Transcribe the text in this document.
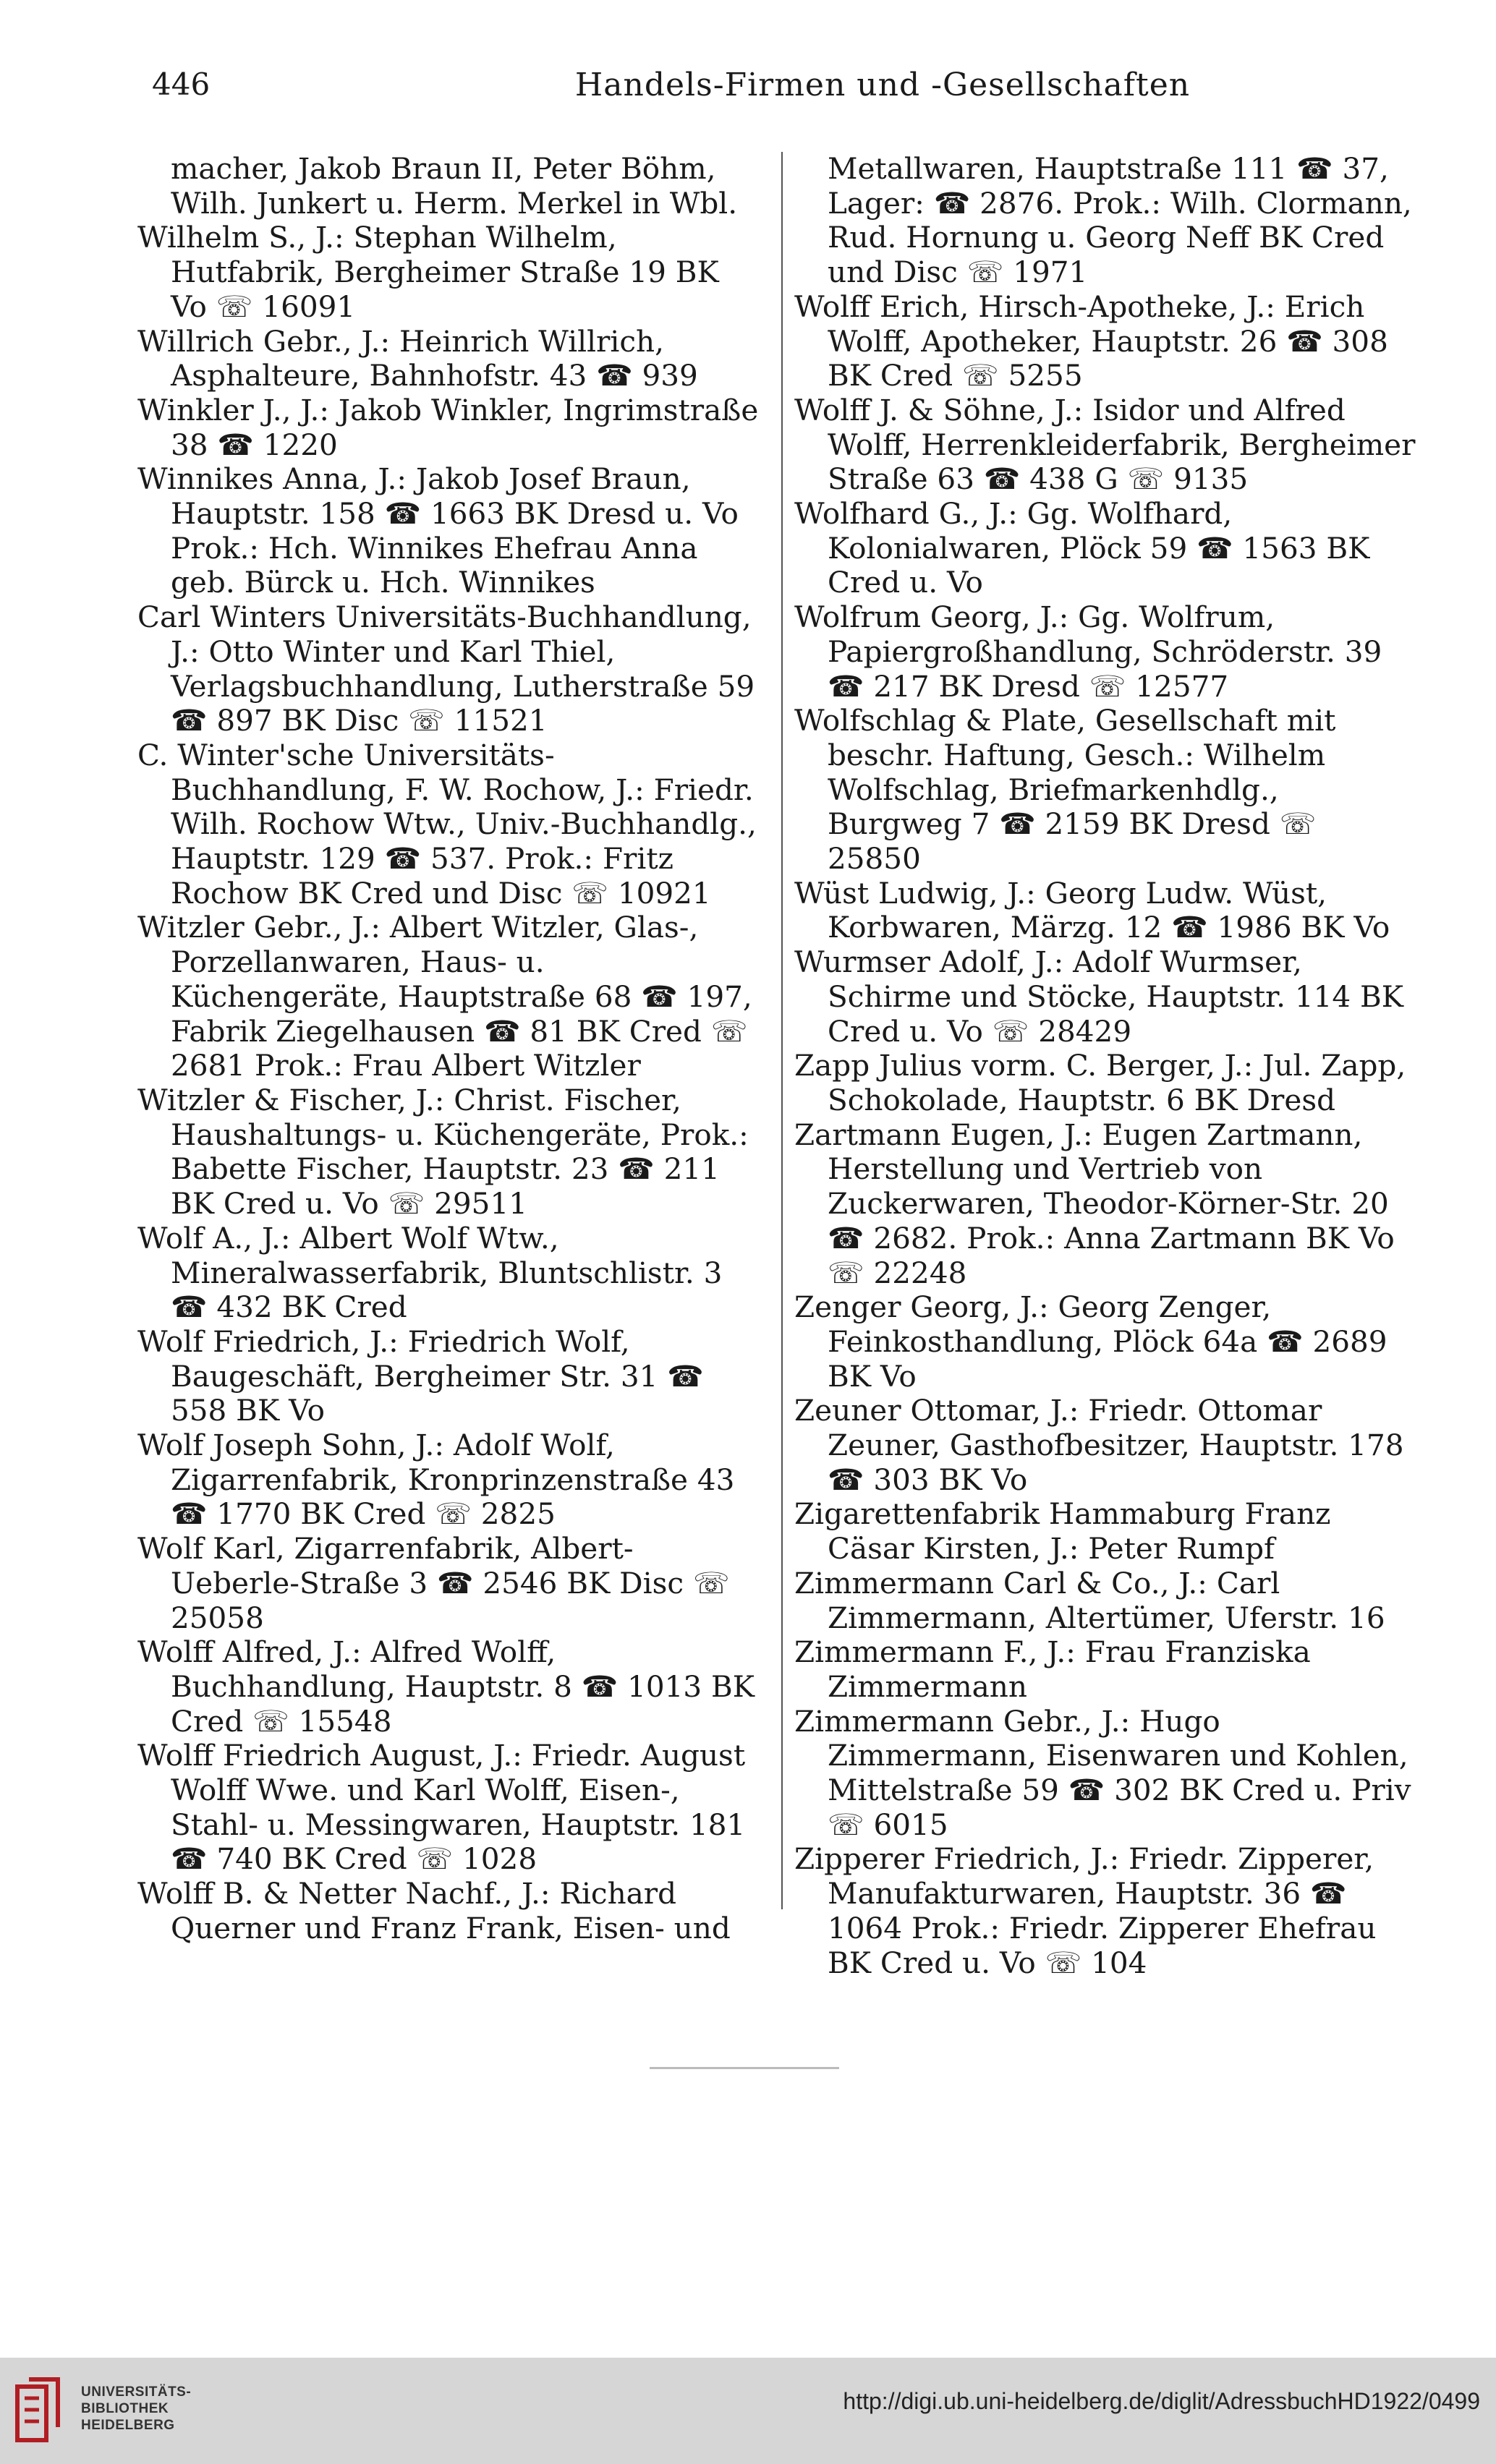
446	Handels-Firmen und -Gesellschaften

macher, Jakob Braun II, Peter Böhm, Wilh. Junkert u. Herm. Merkel in Wbl.

Wilhelm S., J.: Stephan Wilhelm, Hutfabrik, Bergheimer Straße 19 BK Vo ☏ 16091

Willrich Gebr., J.: Heinrich Willrich, Asphalteure, Bahnhofstr. 43 ☎ 939

Winkler J., J.: Jakob Winkler, Ingrimstraße 38 ☎ 1220

Winnikes Anna, J.: Jakob Josef Braun, Hauptstr. 158 ☎ 1663 BK Dresd u. Vo Prok.: Hch. Winnikes Ehefrau Anna geb. Bürck u. Hch. Winnikes

Carl Winters Universitäts-Buchhandlung, J.: Otto Winter und Karl Thiel, Verlagsbuchhandlung, Lutherstraße 59 ☎ 897 BK Disc ☏ 11521

C. Winter'sche Universitäts-Buchhandlung, F. W. Rochow, J.: Friedr. Wilh. Rochow Wtw., Univ.-Buchhandlg., Hauptstr. 129 ☎ 537. Prok.: Fritz Rochow BK Cred und Disc ☏ 10921

Witzler Gebr., J.: Albert Witzler, Glas-, Porzellanwaren, Haus- u. Küchengeräte, Hauptstraße 68 ☎ 197, Fabrik Ziegelhausen ☎ 81 BK Cred ☏ 2681 Prok.: Frau Albert Witzler

Witzler & Fischer, J.: Christ. Fischer, Haushaltungs- u. Küchengeräte, Prok.: Babette Fischer, Hauptstr. 23 ☎ 211 BK Cred u. Vo ☏ 29511

Wolf A., J.: Albert Wolf Wtw., Mineralwasserfabrik, Bluntschlistr. 3 ☎ 432 BK Cred

Wolf Friedrich, J.: Friedrich Wolf, Baugeschäft, Bergheimer Str. 31 ☎ 558 BK Vo

Wolf Joseph Sohn, J.: Adolf Wolf, Zigarrenfabrik, Kronprinzenstraße 43 ☎ 1770 BK Cred ☏ 2825

Wolf Karl, Zigarrenfabrik, Albert-Ueberle-Straße 3 ☎ 2546 BK Disc ☏ 25058

Wolff Alfred, J.: Alfred Wolff, Buchhandlung, Hauptstr. 8 ☎ 1013 BK Cred ☏ 15548

Wolff Friedrich August, J.: Friedr. August Wolff Wwe. und Karl Wolff, Eisen-, Stahl- u. Messingwaren, Hauptstr. 181 ☎ 740 BK Cred ☏ 1028

Wolff B. & Netter Nachf., J.: Richard Querner und Franz Frank, Eisen- und

Metallwaren, Hauptstraße 111 ☎ 37, Lager: ☎ 2876. Prok.: Wilh. Clormann, Rud. Hornung u. Georg Neff BK Cred und Disc ☏ 1971

Wolff Erich, Hirsch-Apotheke, J.: Erich Wolff, Apotheker, Hauptstr. 26 ☎ 308 BK Cred ☏ 5255

Wolff J. & Söhne, J.: Isidor und Alfred Wolff, Herrenkleiderfabrik, Bergheimer Straße 63 ☎ 438 G ☏ 9135

Wolfhard G., J.: Gg. Wolfhard, Kolonialwaren, Plöck 59 ☎ 1563 BK Cred u. Vo

Wolfrum Georg, J.: Gg. Wolfrum, Papiergroßhandlung, Schröderstr. 39 ☎ 217 BK Dresd ☏ 12577

Wolfschlag & Plate, Gesellschaft mit beschr. Haftung, Gesch.: Wilhelm Wolfschlag, Briefmarkenhdlg., Burgweg 7 ☎ 2159 BK Dresd ☏ 25850

Wüst Ludwig, J.: Georg Ludw. Wüst, Korbwaren, Märzg. 12 ☎ 1986 BK Vo

Wurmser Adolf, J.: Adolf Wurmser, Schirme und Stöcke, Hauptstr. 114 BK Cred u. Vo ☏ 28429

Zapp Julius vorm. C. Berger, J.: Jul. Zapp, Schokolade, Hauptstr. 6 BK Dresd

Zartmann Eugen, J.: Eugen Zartmann, Herstellung und Vertrieb von Zuckerwaren, Theodor-Körner-Str. 20 ☎ 2682. Prok.: Anna Zartmann BK Vo ☏ 22248

Zenger Georg, J.: Georg Zenger, Feinkosthandlung, Plöck 64a ☎ 2689 BK Vo

Zeuner Ottomar, J.: Friedr. Ottomar Zeuner, Gasthofbesitzer, Hauptstr. 178 ☎ 303 BK Vo

Zigarettenfabrik Hammaburg Franz Cäsar Kirsten, J.: Peter Rumpf

Zimmermann Carl & Co., J.: Carl Zimmermann, Altertümer, Uferstr. 16

Zimmermann F., J.: Frau Franziska Zimmermann

Zimmermann Gebr., J.: Hugo Zimmermann, Eisenwaren und Kohlen, Mittelstraße 59 ☎ 302 BK Cred u. Priv ☏ 6015

Zipperer Friedrich, J.: Friedr. Zipperer, Manufakturwaren, Hauptstr. 36 ☎ 1064 Prok.: Friedr. Zipperer Ehefrau BK Cred u. Vo ☏ 104

UNIVERSITÄTS-
BIBLIOTHEK
HEIDELBERG
http://digi.ub.uni-heidelberg.de/diglit/AdressbuchHD1922/0499
